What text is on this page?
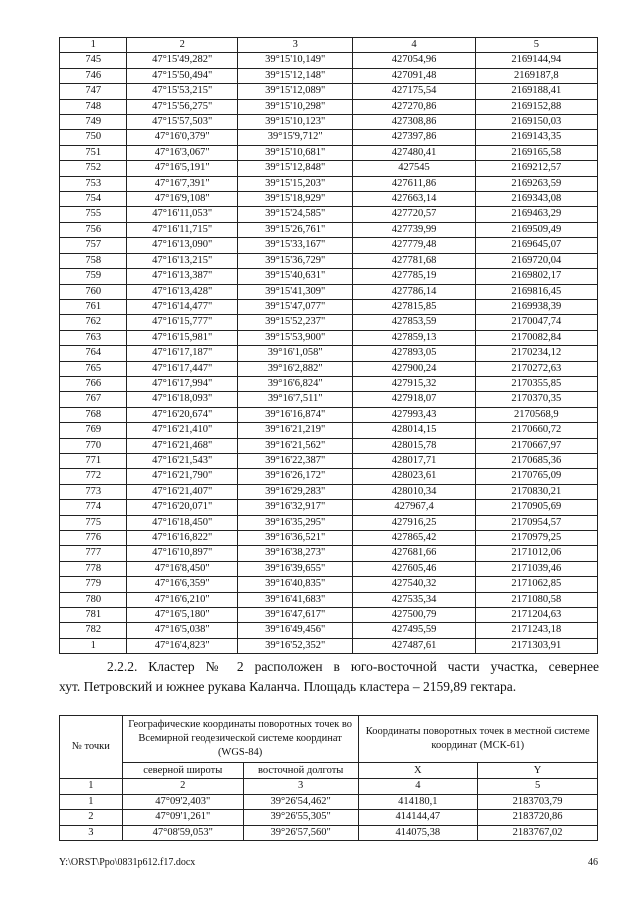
1	2	3	4	5
745	47°15'49,282"	39°15'10,149"	427054,96	2169144,94
746	47°15'50,494"	39°15'12,148"	427091,48	2169187,8
747	47°15'53,215"	39°15'12,089"	427175,54	2169188,41
748	47°15'56,275"	39°15'10,298"	427270,86	2169152,88
749	47°15'57,503"	39°15'10,123"	427308,86	2169150,03
750	47°16'0,379"	39°15'9,712"	427397,86	2169143,35
751	47°16'3,067"	39°15'10,681"	427480,41	2169165,58
752	47°16'5,191"	39°15'12,848"	427545	2169212,57
753	47°16'7,391"	39°15'15,203"	427611,86	2169263,59
754	47°16'9,108"	39°15'18,929"	427663,14	2169343,08
755	47°16'11,053"	39°15'24,585"	427720,57	2169463,29
756	47°16'11,715"	39°15'26,761"	427739,99	2169509,49
757	47°16'13,090"	39°15'33,167"	427779,48	2169645,07
758	47°16'13,215"	39°15'36,729"	427781,68	2169720,04
759	47°16'13,387"	39°15'40,631"	427785,19	2169802,17
760	47°16'13,428"	39°15'41,309"	427786,14	2169816,45
761	47°16'14,477"	39°15'47,077"	427815,85	2169938,39
762	47°16'15,777"	39°15'52,237"	427853,59	2170047,74
763	47°16'15,981"	39°15'53,900"	427859,13	2170082,84
764	47°16'17,187"	39°16'1,058"	427893,05	2170234,12
765	47°16'17,447"	39°16'2,882"	427900,24	2170272,63
766	47°16'17,994"	39°16'6,824"	427915,32	2170355,85
767	47°16'18,093"	39°16'7,511"	427918,07	2170370,35
768	47°16'20,674"	39°16'16,874"	427993,43	2170568,9
769	47°16'21,410"	39°16'21,219"	428014,15	2170660,72
770	47°16'21,468"	39°16'21,562"	428015,78	2170667,97
771	47°16'21,543"	39°16'22,387"	428017,71	2170685,36
772	47°16'21,790"	39°16'26,172"	428023,61	2170765,09
773	47°16'21,407"	39°16'29,283"	428010,34	2170830,21
774	47°16'20,071"	39°16'32,917"	427967,4	2170905,69
775	47°16'18,450"	39°16'35,295"	427916,25	2170954,57
776	47°16'16,822"	39°16'36,521"	427865,42	2170979,25
777	47°16'10,897"	39°16'38,273"	427681,66	2171012,06
778	47°16'8,450"	39°16'39,655"	427605,46	2171039,46
779	47°16'6,359"	39°16'40,835"	427540,32	2171062,85
780	47°16'6,210"	39°16'41,683"	427535,34	2171080,58
781	47°16'5,180"	39°16'47,617"	427500,79	2171204,63
782	47°16'5,038"	39°16'49,456"	427495,59	2171243,18
1	47°16'4,823"	39°16'52,352"	427487,61	2171303,91

2.2.2. Кластер № 2 расположен в юго-восточной части участка, севернее

хут. Петровский и южнее рукава Каланча. Площадь кластера – 2159,89 гектара.

№ точки	Географические координаты поворотных точек во Всемирной геодезической системе координат (WGS-84)		Координаты поворотных точек в местной системе координат (МСК-61)	
	северной широты	восточной долготы	X	Y
1	2	3	4	5
1	47°09'2,403"	39°26'54,462"	414180,1	2183703,79
2	47°09'1,261"	39°26'55,305"	414144,47	2183720,86
3	47°08'59,053"	39°26'57,560"	414075,38	2183767,02
Y:\ORST\Ppo\0831p612.f17.docx	46
